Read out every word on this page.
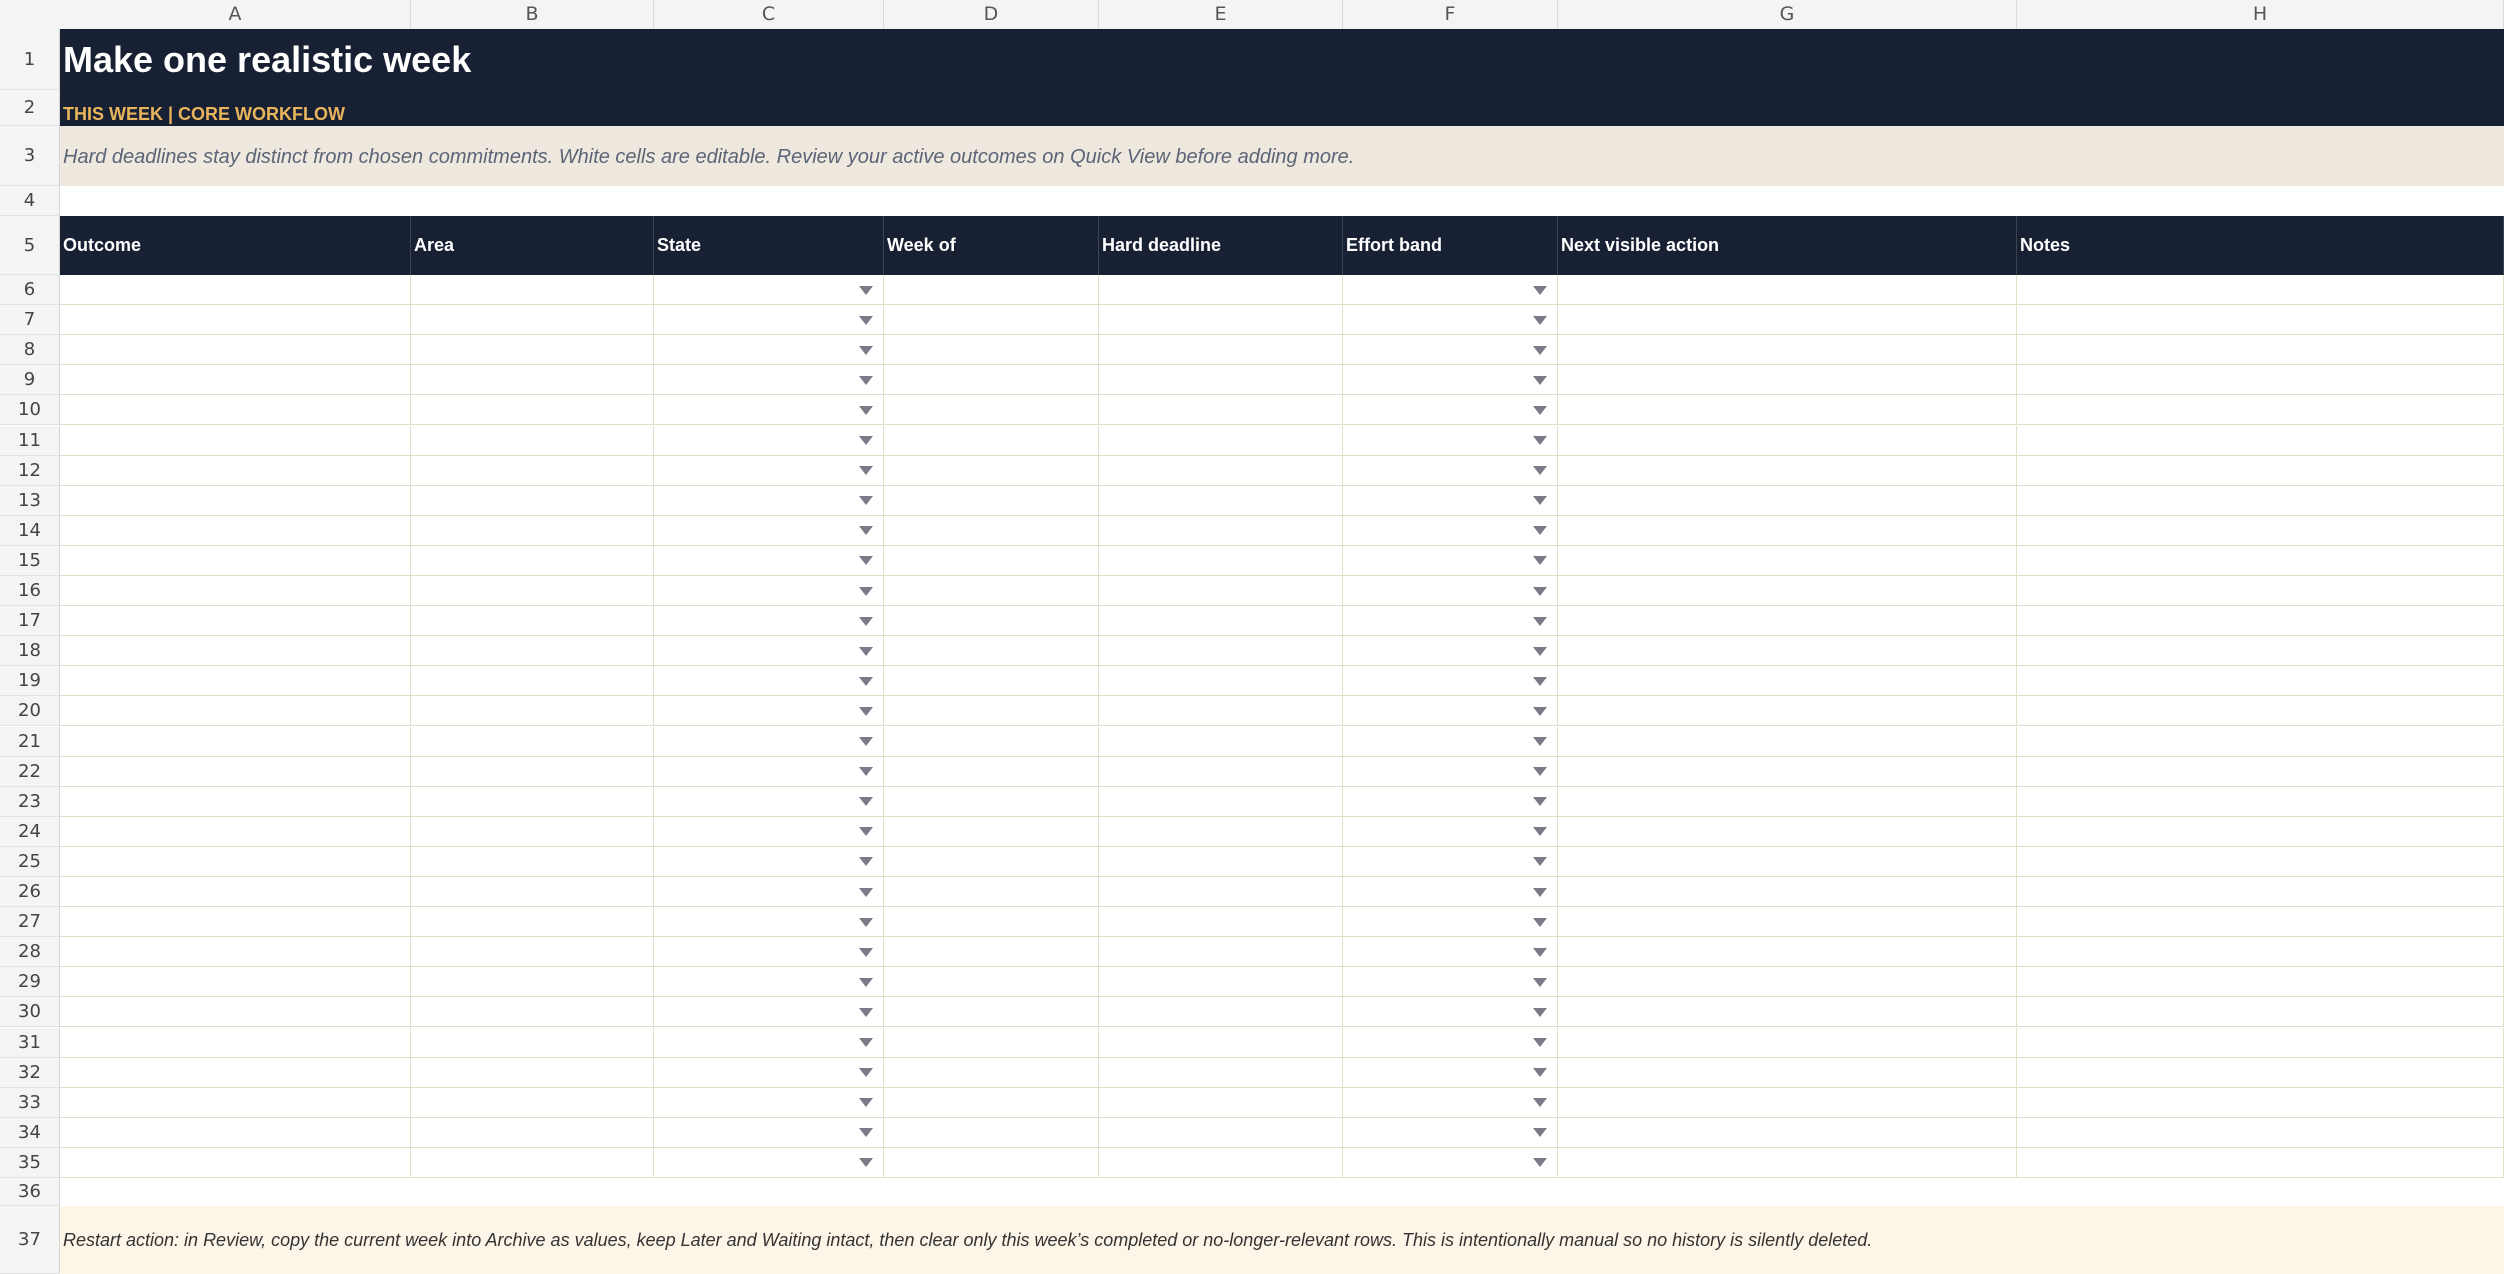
A	B	C	D	E	F	G	H
Make one realistic week
THIS WEEK | CORE WORKFLOW
Hard deadlines stay distinct from chosen commitments. White cells are editable. Review your active outcomes on Quick View before adding more.
Outcome	Area	State	Week of	Hard deadline	Effort band	Next visible action	Notes
Restart action: in Review, copy the current week into Archive as values, keep Later and Waiting intact, then clear only this week’s completed or no-longer-relevant rows. This is intentionally manual so no history is silently deleted.
1
2
3
4
5
6
7
8
9
10
11
12
13
14
15
16
17
18
19
20
21
22
23
24
25
26
27
28
29
30
31
32
33
34
35
36
37
